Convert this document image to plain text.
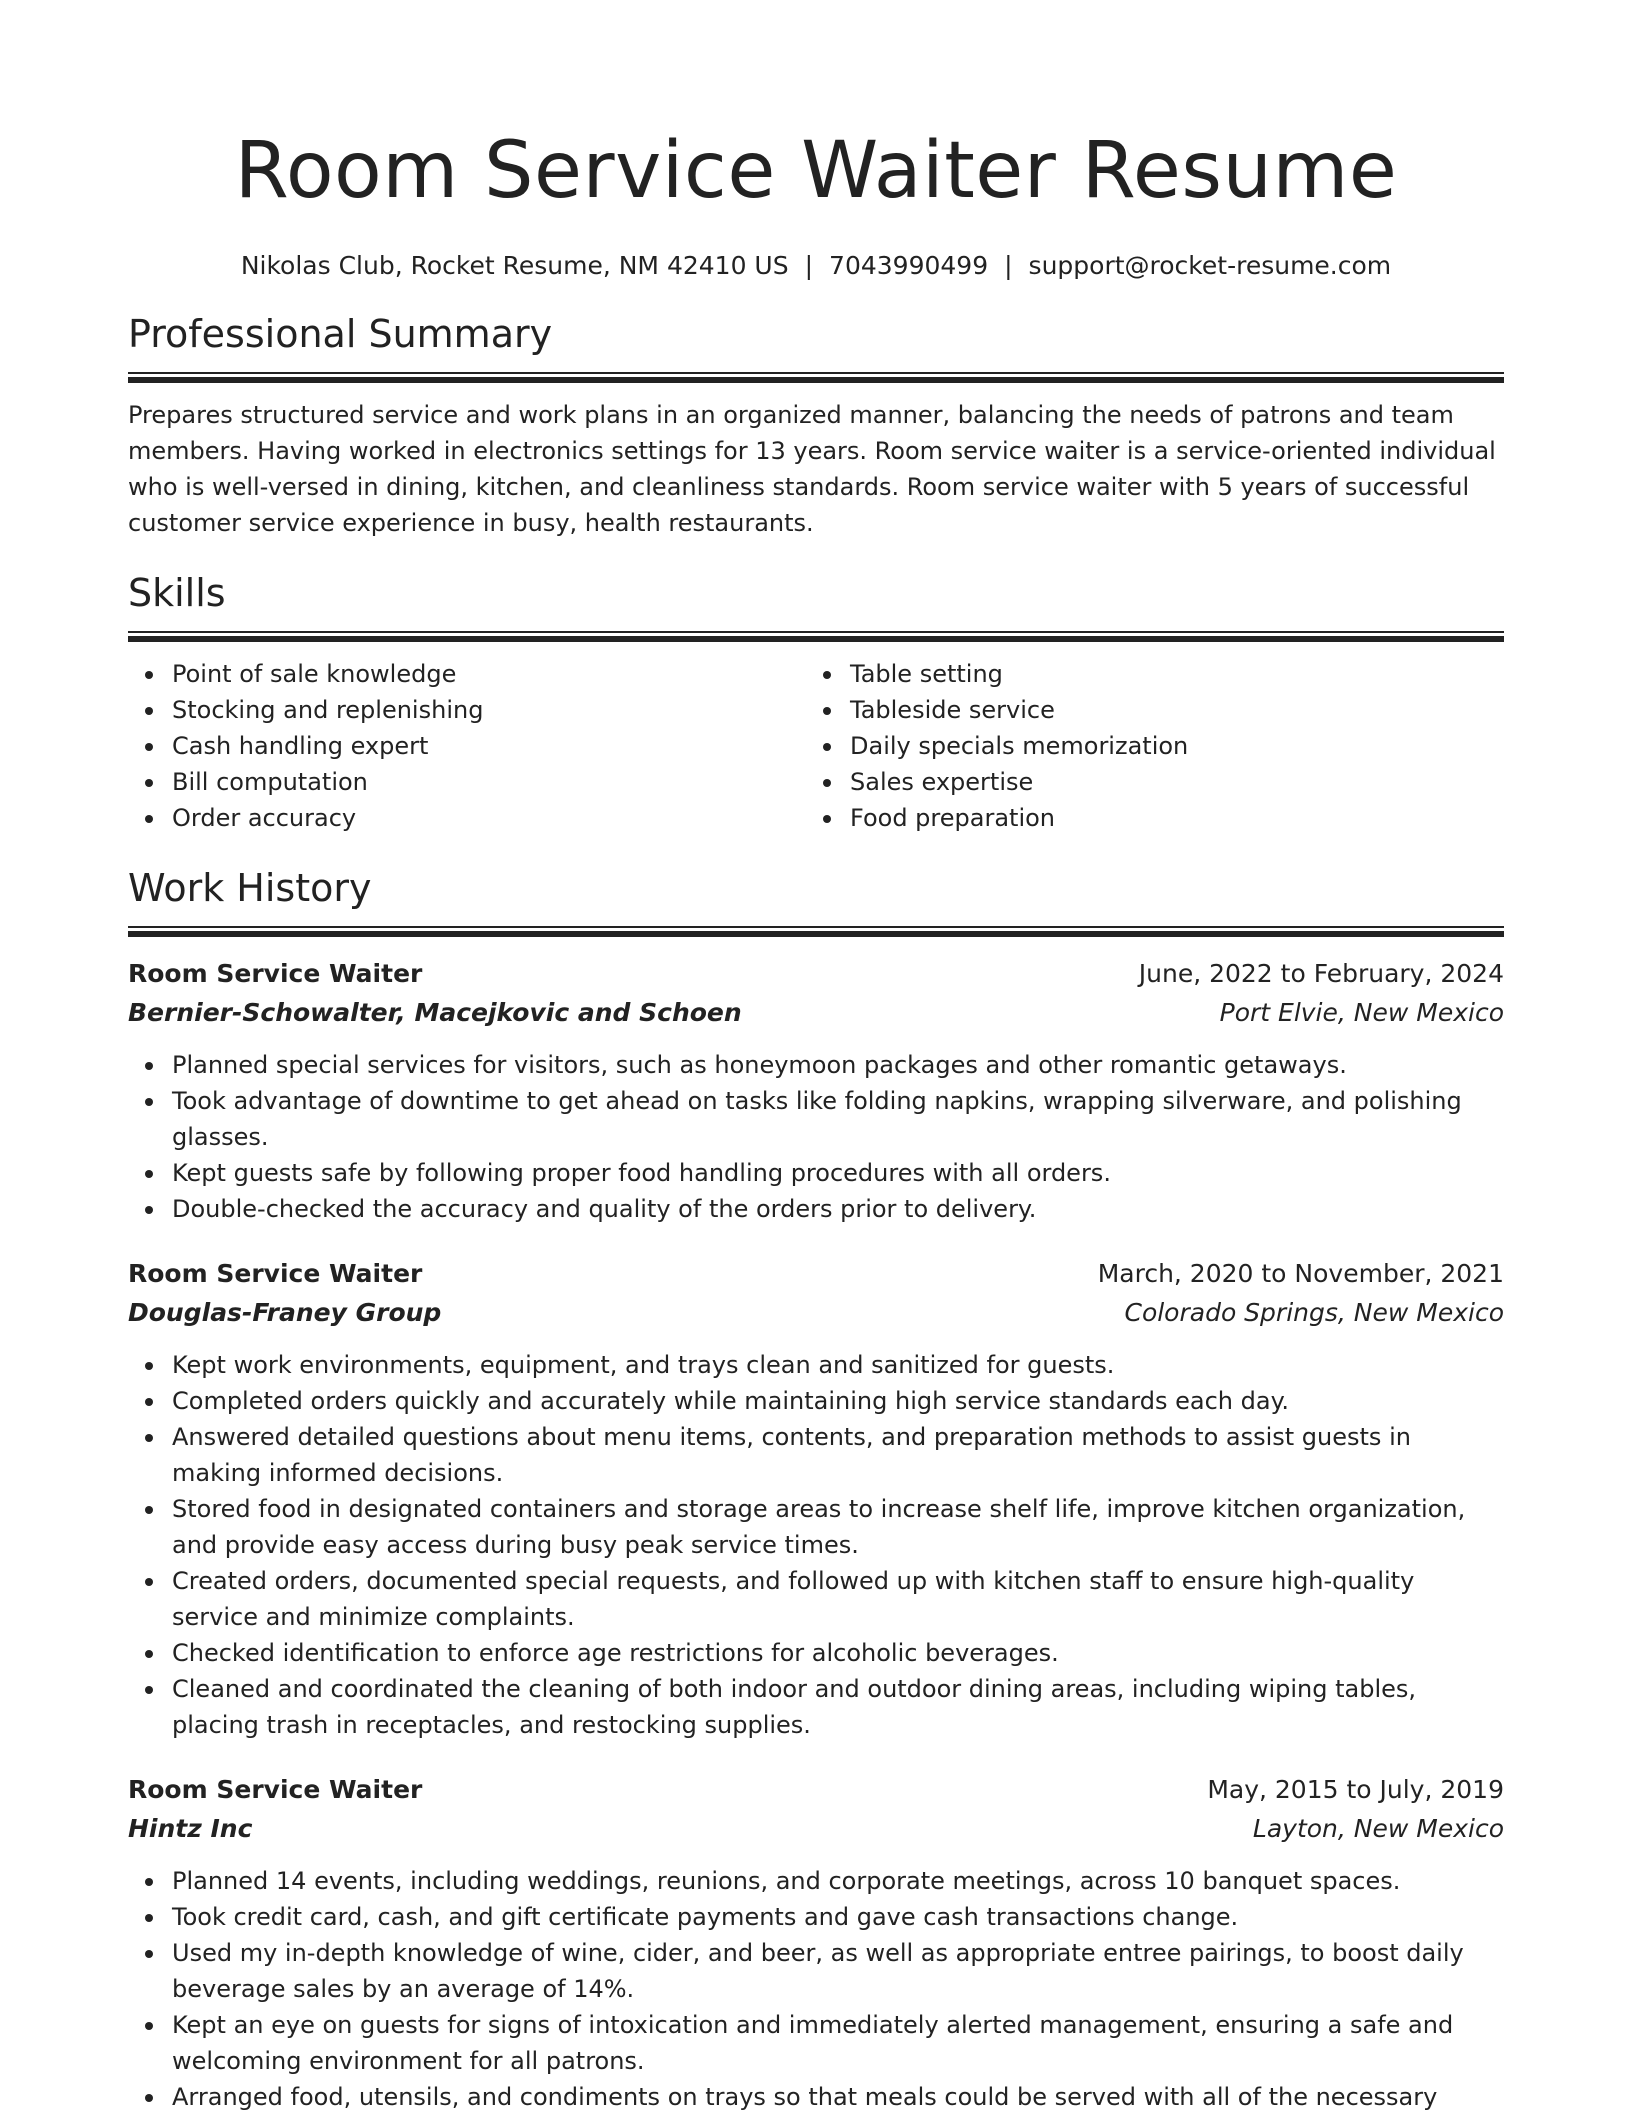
Room Service Waiter Resume
Nikolas Club, Rocket Resume, NM 42410 US | 7043990499 | support@rocket-resume.com
Professional Summary

Prepares structured service and work plans in an organized manner, balancing the needs of patrons and team members. Having worked in electronics settings for 13 years. Room service waiter is a service-oriented individual who is well-versed in dining, kitchen, and cleanliness standards. Room service waiter with 5 years of successful customer service experience in busy, health restaurants.

Skills
Point of sale knowledge
Stocking and replenishing
Cash handling expert
Bill computation
Order accuracy
Table setting
Tableside service
Daily specials memorization
Sales expertise
Food preparation
Work History
Room Service Waiter	June, 2022 to February, 2024
Bernier-Schowalter, Macejkovic and Schoen	Port Elvie, New Mexico
Planned special services for visitors, such as honeymoon packages and other romantic getaways.
Took advantage of downtime to get ahead on tasks like folding napkins, wrapping silverware, and polishing glasses.
Kept guests safe by following proper food handling procedures with all orders.
Double-checked the accuracy and quality of the orders prior to delivery.
Room Service Waiter	March, 2020 to November, 2021
Douglas-Franey Group	Colorado Springs, New Mexico
Kept work environments, equipment, and trays clean and sanitized for guests.
Completed orders quickly and accurately while maintaining high service standards each day.
Answered detailed questions about menu items, contents, and preparation methods to assist guests in making informed decisions.
Stored food in designated containers and storage areas to increase shelf life, improve kitchen organization, and provide easy access during busy peak service times.
Created orders, documented special requests, and followed up with kitchen staff to ensure high-quality service and minimize complaints.
Checked identification to enforce age restrictions for alcoholic beverages.
Cleaned and coordinated the cleaning of both indoor and outdoor dining areas, including wiping tables, placing trash in receptacles, and restocking supplies.
Room Service Waiter	May, 2015 to July, 2019
Hintz Inc	Layton, New Mexico
Planned 14 events, including weddings, reunions, and corporate meetings, across 10 banquet spaces.
Took credit card, cash, and gift certificate payments and gave cash transactions change.
Used my in-depth knowledge of wine, cider, and beer, as well as appropriate entree pairings, to boost daily beverage sales by an average of 14%.
Kept an eye on guests for signs of intoxication and immediately alerted management, ensuring a safe and welcoming environment for all patrons.
Arranged food, utensils, and condiments on trays so that meals could be served with all of the necessary
